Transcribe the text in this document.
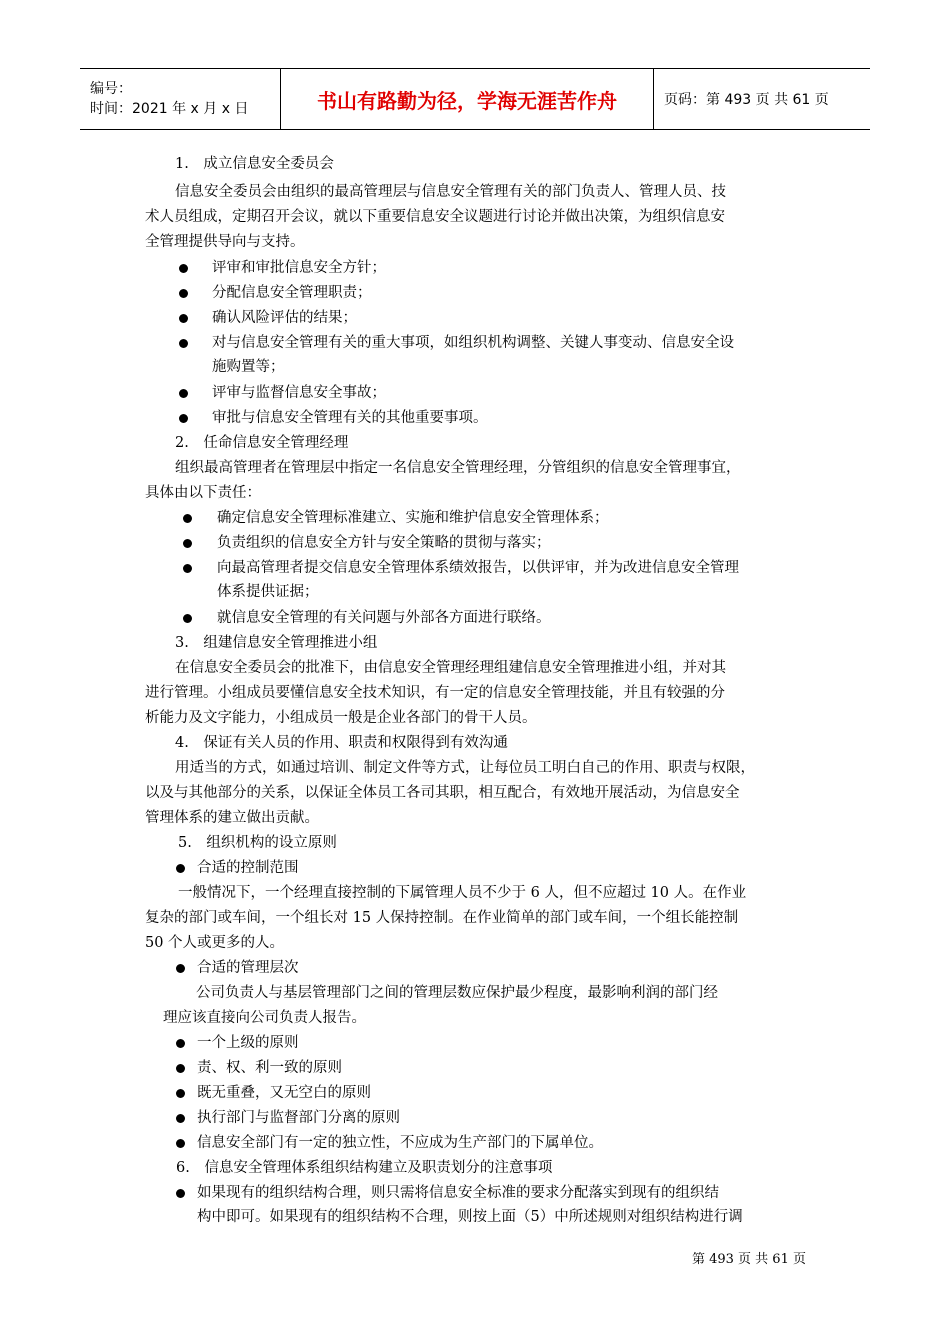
编号：
时间：2021 年 x 月 x 日	书山有路勤为径，学海无涯苦作舟	页码：第 493 页 共 61 页
1.　成立信息安全委员会
信息安全委员会由组织的最高管理层与信息安全管理有关的部门负责人、管理人员、技
术人员组成，定期召开会议，就以下重要信息安全议题进行讨论并做出决策，为组织信息安
全管理提供导向与支持。
评审和审批信息安全方针；
分配信息安全管理职责；
确认风险评估的结果；
对与信息安全管理有关的重大事项，如组织机构调整、关键人事变动、信息安全设
施购置等；
评审与监督信息安全事故；
审批与信息安全管理有关的其他重要事项。
2.　任命信息安全管理经理
组织最高管理者在管理层中指定一名信息安全管理经理，分管组织的信息安全管理事宜，
具体由以下责任：
确定信息安全管理标准建立、实施和维护信息安全管理体系；
负责组织的信息安全方针与安全策略的贯彻与落实；
向最高管理者提交信息安全管理体系绩效报告，以供评审，并为改进信息安全管理
体系提供证据；
就信息安全管理的有关问题与外部各方面进行联络。
3.　组建信息安全管理推进小组
在信息安全委员会的批准下，由信息安全管理经理组建信息安全管理推进小组，并对其
进行管理。小组成员要懂信息安全技术知识，有一定的信息安全管理技能，并且有较强的分
析能力及文字能力，小组成员一般是企业各部门的骨干人员。
4.　保证有关人员的作用、职责和权限得到有效沟通
用适当的方式，如通过培训、制定文件等方式，让每位员工明白自己的作用、职责与权限，
以及与其他部分的关系，以保证全体员工各司其职，相互配合，有效地开展活动，为信息安全
管理体系的建立做出贡献。
5.　组织机构的设立原则
合适的控制范围
一般情况下，一个经理直接控制的下属管理人员不少于 6 人，但不应超过 10 人。在作业
复杂的部门或车间，一个组长对 15 人保持控制。在作业简单的部门或车间，一个组长能控制
50 个人或更多的人。
合适的管理层次
公司负责人与基层管理部门之间的管理层数应保护最少程度，最影响利润的部门经
理应该直接向公司负责人报告。
一个上级的原则
责、权、利一致的原则
既无重叠，又无空白的原则
执行部门与监督部门分离的原则
信息安全部门有一定的独立性，不应成为生产部门的下属单位。
6.　信息安全管理体系组织结构建立及职责划分的注意事项
如果现有的组织结构合理，则只需将信息安全标准的要求分配落实到现有的组织结
构中即可。如果现有的组织结构不合理，则按上面（5）中所述规则对组织结构进行调
第 493 页 共 61 页
